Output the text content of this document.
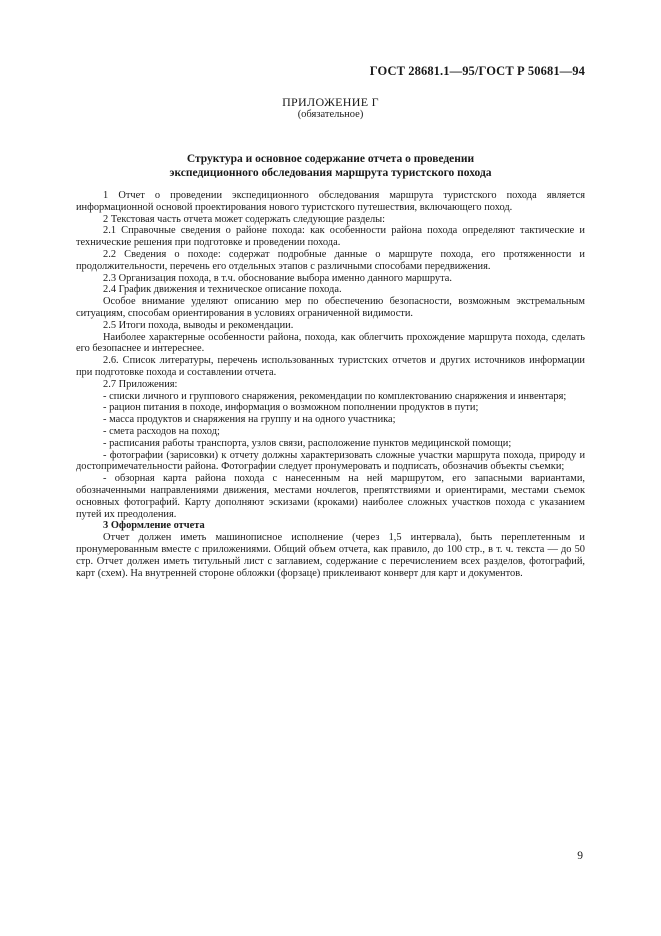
ГОСТ 28681.1—95/ГОСТ Р 50681—94
ПРИЛОЖЕНИЕ Г
(обязательное)
Структура и основное содержание отчета о проведении
экспедиционного обследования маршрута туристского похода
1 Отчет о проведении экспедиционного обследования маршрута туристского похода является информационной основой проектирования нового туристского путешествия, включающего поход.
2 Текстовая часть отчета может содержать следующие разделы:
2.1 Справочные сведения о районе похода: как особенности района похода определяют тактические и технические решения при подготовке и проведении похода.
2.2 Сведения о походе: содержат подробные данные о маршруте похода, его протяженности и продолжительности, перечень его отдельных этапов с различными способами передвижения.
2.3 Организация похода, в т.ч. обоснование выбора именно данного маршрута.
2.4 График движения и техническое описание похода.
Особое внимание уделяют описанию мер по обеспечению безопасности, возможным экстремальным ситуациям, способам ориентирования в условиях ограниченной видимости.
2.5 Итоги похода, выводы и рекомендации.
Наиболее характерные особенности района, похода, как облегчить прохождение маршрута похода, сделать его безопаснее и интереснее.
2.6. Список литературы, перечень использованных туристских отчетов и других источников информации при подготовке похода и составлении отчета.
2.7 Приложения:
- списки личного и группового снаряжения, рекомендации по комплектованию снаряжения и инвентаря;
- рацион питания в походе, информация о возможном пополнении продуктов в пути;
- масса продуктов и снаряжения на группу и на одного участника;
- смета расходов на поход;
- расписания работы транспорта, узлов связи, расположение пунктов медицинской помощи;
- фотографии (зарисовки) к отчету должны характеризовать сложные участки маршрута похода, природу и достопримечательности района. Фотографии следует пронумеровать и подписать, обозначив объекты съемки;
- обзорная карта района похода с нанесенным на ней маршрутом, его запасными вариантами, обозначенными направлениями движения, местами ночлегов, препятствиями и ориентирами, местами съемок основных фотографий. Карту дополняют эскизами (кроками) наиболее сложных участков похода с указанием путей их преодоления.
3 Оформление отчета
Отчет должен иметь машинописное исполнение (через 1,5 интервала), быть переплетенным и пронумерованным вместе с приложениями. Общий объем отчета, как правило, до 100 стр., в т. ч. текста — до 50 стр. Отчет должен иметь титульный лист с заглавием, содержание с перечислением всех разделов, фотографий, карт (схем). На внутренней стороне обложки (форзаце) приклеивают конверт для карт и документов.
9
